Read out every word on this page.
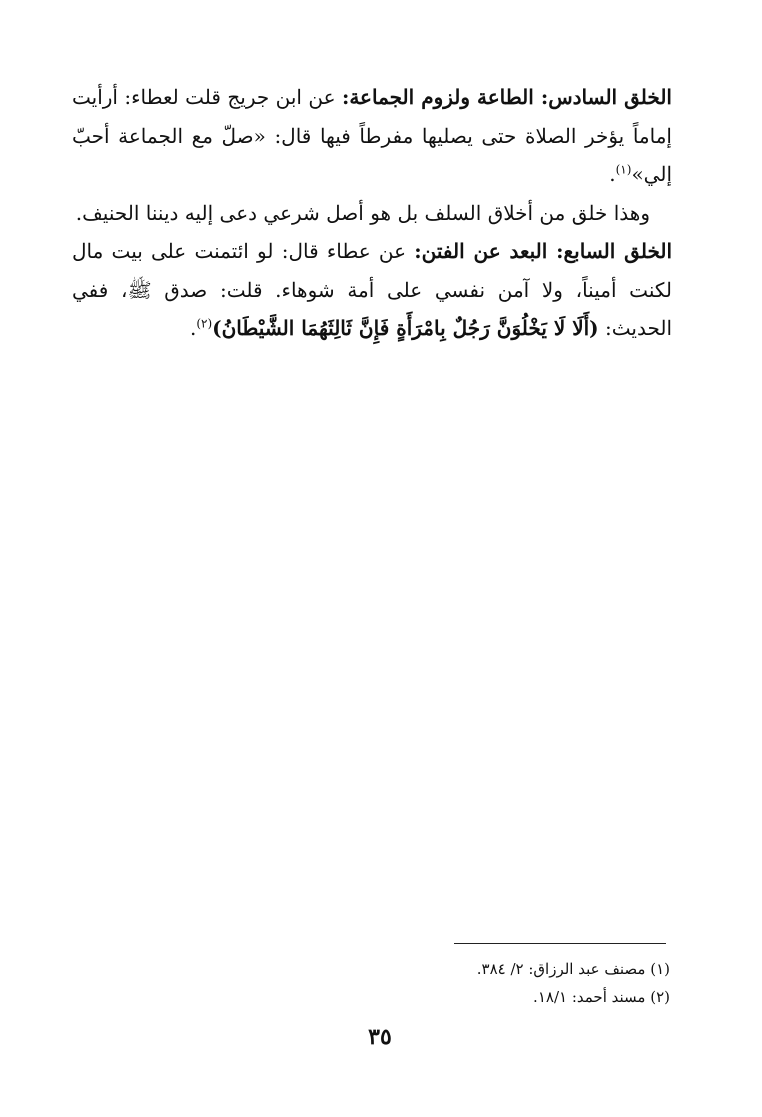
الخلق السادس: الطاعة ولزوم الجماعة: عن ابن جريج قلت لعطاء: أرأيت إماماً يؤخر الصلاة حتى يصليها مفرطاً فيها قال: «صلّ مع الجماعة أحبّ إلي»$^{(١)}$.

وهذا خلق من أخلاق السلف بل هو أصل شرعي دعى إليه ديننا الحنيف.

الخلق السابع: البعد عن الفتن: عن عطاء قال: لو ائتمنت على بيت مال لكنت أميناً، ولا آمن نفسي على أمة شوهاء. قلت: صدق ﷺ، ففي الحديث: (أَلَا لَا يَخْلُوَنَّ رَجُلٌ بِامْرَأَةٍ فَإِنَّ ثَالِثَهُمَا الشَّيْطَانُ)$^{(٢)}$.

(١) مصنف عبد الرزاق: ٢/ ٣٨٤.

(٢) مسند أحمد: ١٨/١.

٣٥
